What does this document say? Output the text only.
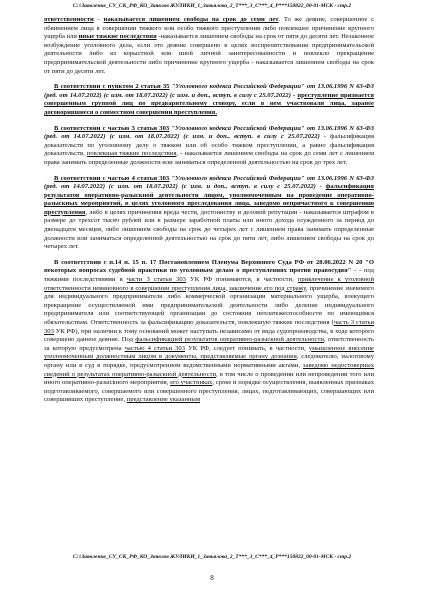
C:\\Заявление_СУ_СК_РФ_КО_Заявлов ЖУЛИКИ_1_Завьялова_2_Т***_3_С***_4_Р***150822_00-01-МСК - стр.2

ответственности - наказывается лишением свободы на срок до семи лет. То же деяние, совершенное с обвинением лица в совершении тяжкого или особо тяжкого преступления либо повлекшее причинение крупного ущерба или иные тяжкие последствия -наказывается лишением свободы на срок от пяти до десяти лет. Незаконное возбуждение уголовного дела, если это деяние совершено в целях воспрепятствования предпринимательской деятельности либо из корыстной или иной личной заинтересованности и повлекло прекращение предпринимательской деятельности либо причинение крупного ущерба - наказывается лишением свободы на срок от пяти до десяти лет.

В соответствии с пунктом 2 статьи 35 "Уголовного кодекса Российской Федерации" от 13.06.1996 N 63-ФЗ (ред. от 14.07.2022) (с изм. от 18.07.2022) (с изм. и доп., вступ. в силу с 25.07.2022) - преступление признается совершенным группой лиц по предварительному сговору, если в нем участвовали лица, заранее договорившиеся о совместном совершении преступления.

В соответствии с частью 3 статьи 303 "Уголовного кодекса Российской Федерации" от 13.06.1996 N 63-ФЗ (ред. от 14.07.2022) (с изм. от 18.07.2022) (с изм. и доп., вступ. в силу с 25.07.2022) - фальсификация доказательств по уголовному делу о тяжком или об особо тяжком преступлении, а равно фальсификация доказательств, повлекшая тяжкие последствия, - наказывается лишением свободы на срок до семи лет с лишением права занимать определенные должности или заниматься определенной деятельностью на срок до трех лет.

В соответствии с частью 4 статьи 303 "Уголовного кодекса Российской Федерации" от 13.06.1996 N 63-ФЗ (ред. от 14.07.2022) (с изм. от 18.07.2022) (с изм. и доп., вступ. в силу с 25.07.2022) - фальсификация результатов оперативно-разыскной деятельности лицом, уполномоченным на проведение оперативно-разыскных мероприятий, в целях уголовного преследования лица, заведомо непричастного к совершению преступления, либо в целях причинения вреда чести, достоинству и деловой репутации - наказывается штрафом в размере до трехсот тысяч рублей или в размере заработной платы или иного дохода осужденного за период до двенадцати месяцев, либо лишением свободы на срок до четырех лет с лишением права занимать определенные должности или заниматься определенной деятельностью на срок до пяти лет, либо лишением свободы на срок до четырех лет.

В соответствии с п.14 п. 15 п. 17 Постановлением Пленума Верховного Суда РФ от 28.06.2022 N 20 "О некоторых вопросах судебной практики по уголовным делам о преступлениях против правосудия" - - под тяжкими последствиями в части 3 статьи 303 УК РФ понимаются, в частности, привлечение к уголовной ответственности невиновного в совершении преступления лица, заключение его под стражу, причинение значимого для индивидуального предпринимателя либо коммерческой организации материального ущерба, влекущего прекращение осуществляемой ими предпринимательской деятельности либо деление индивидуального предпринимателя или соответствующей организации до состояния неплатежеспособности по имеющимся обязательствам. Ответственность за фальсификацию доказательств, повлекшую тяжкие последствия (часть 3 статьи 303 УК РФ), при наличии к тому оснований может наступать независимо от вида судопроизводства, в ходе которого совершено данное деяние. Под фальсификацией результатов оперативно-разыскной деятельности, ответственность за которую предусмотрена частью 4 статьи 303 УК РФ, следует понимать, в частности, умышленное внесение уполномоченным должностным лицом в документы, представляемые органу дознания, следователю, налоговому органу или в суд в порядке, предусмотренном ведомственными нормативными актами, заведомо недостоверных сведений о результатах оперативно-разыскной деятельности, в том числе о проведении или непроведении того или иного оперативно-разыскного мероприятия, его участниках, сроке и порядке осуществления, выявленных признаках подготавливаемого, совершаемого или совершенного преступления, лицах, подготавливающих, совершающих или совершивших преступление, представление указанным

C:\\Заявление_СУ_СК_РФ_КО_Заявлов ЖУЛИКИ_1_Завьялова_2_Т***_3_С***_4_Р***150822_00-01-МСК - стр.2
8
